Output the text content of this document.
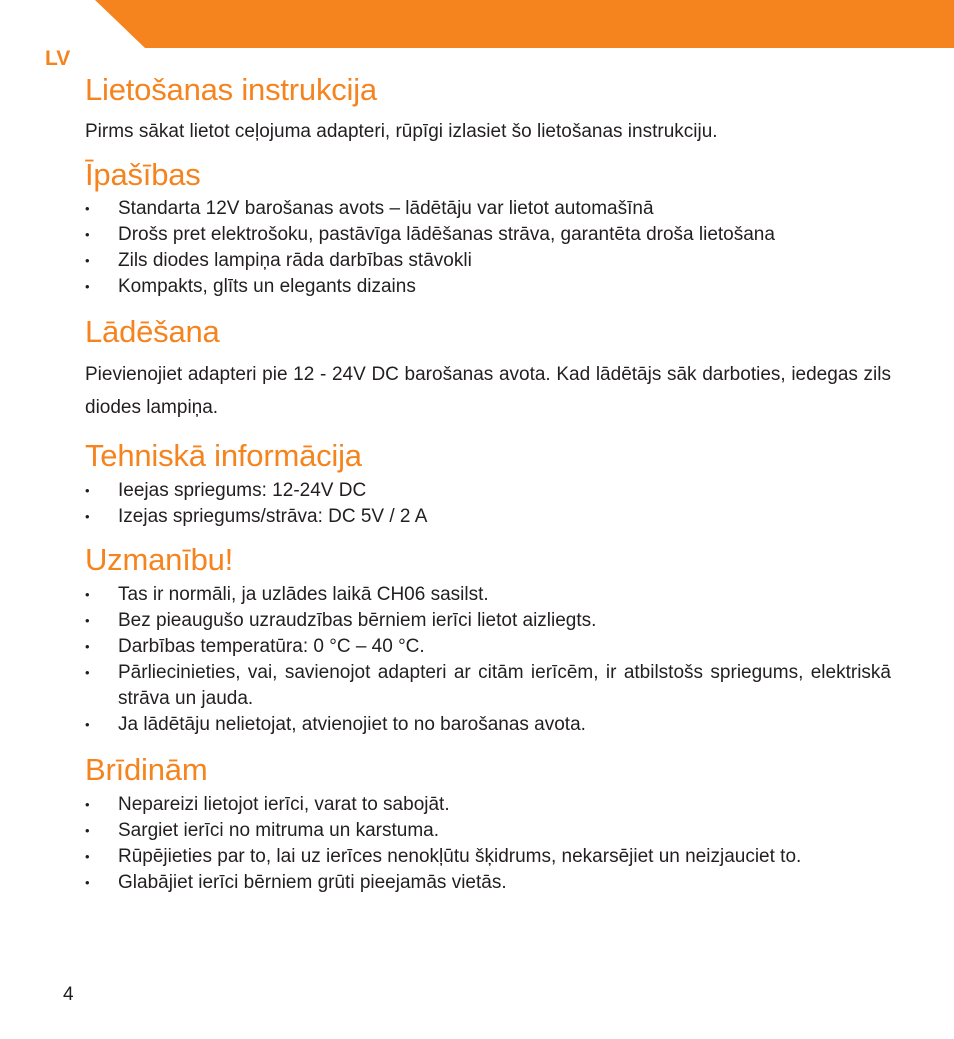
LV
Lietošanas instrukcija

Pirms sākat lietot ceļojuma adapteri, rūpīgi izlasiet šo lietošanas instrukciju.

Īpašības
• Standarta 12V barošanas avots – lādētāju var lietot automašīnā
• Drošs pret elektrošoku, pastāvīga lādēšanas strāva, garantēta droša lietošana
• Zils diodes lampiņa rāda darbības stāvokli
• Kompakts, glīts un elegants dizains
Lādēšana

Pievienojiet adapteri pie 12 - 24V DC barošanas avota. Kad lādētājs sāk darboties, iedegas zils diodes lampiņa.

Tehniskā informācija
• Ieejas spriegums: 12-24V DC
• Izejas spriegums/strāva: DC 5V / 2 A
Uzmanību!
• Tas ir normāli, ja uzlādes laikā CH06 sasilst.
• Bez pieaugušo uzraudzības bērniem ierīci lietot aizliegts.
• Darbības temperatūra: 0 °C – 40 °C.
• Pārliecinieties, vai, savienojot adapteri ar citām ierīcēm, ir atbilstošs spriegums, elektriskā strāva un jauda.
• Ja lādētāju nelietojat, atvienojiet to no barošanas avota.
Brīdinām
• Nepareizi lietojot ierīci, varat to sabojāt.
• Sargiet ierīci no mitruma un karstuma.
• Rūpējieties par to, lai uz ierīces nenokļūtu šķidrums, nekarsējiet un neizjauciet to.
• Glabājiet ierīci bērniem grūti pieejamās vietās.
4
